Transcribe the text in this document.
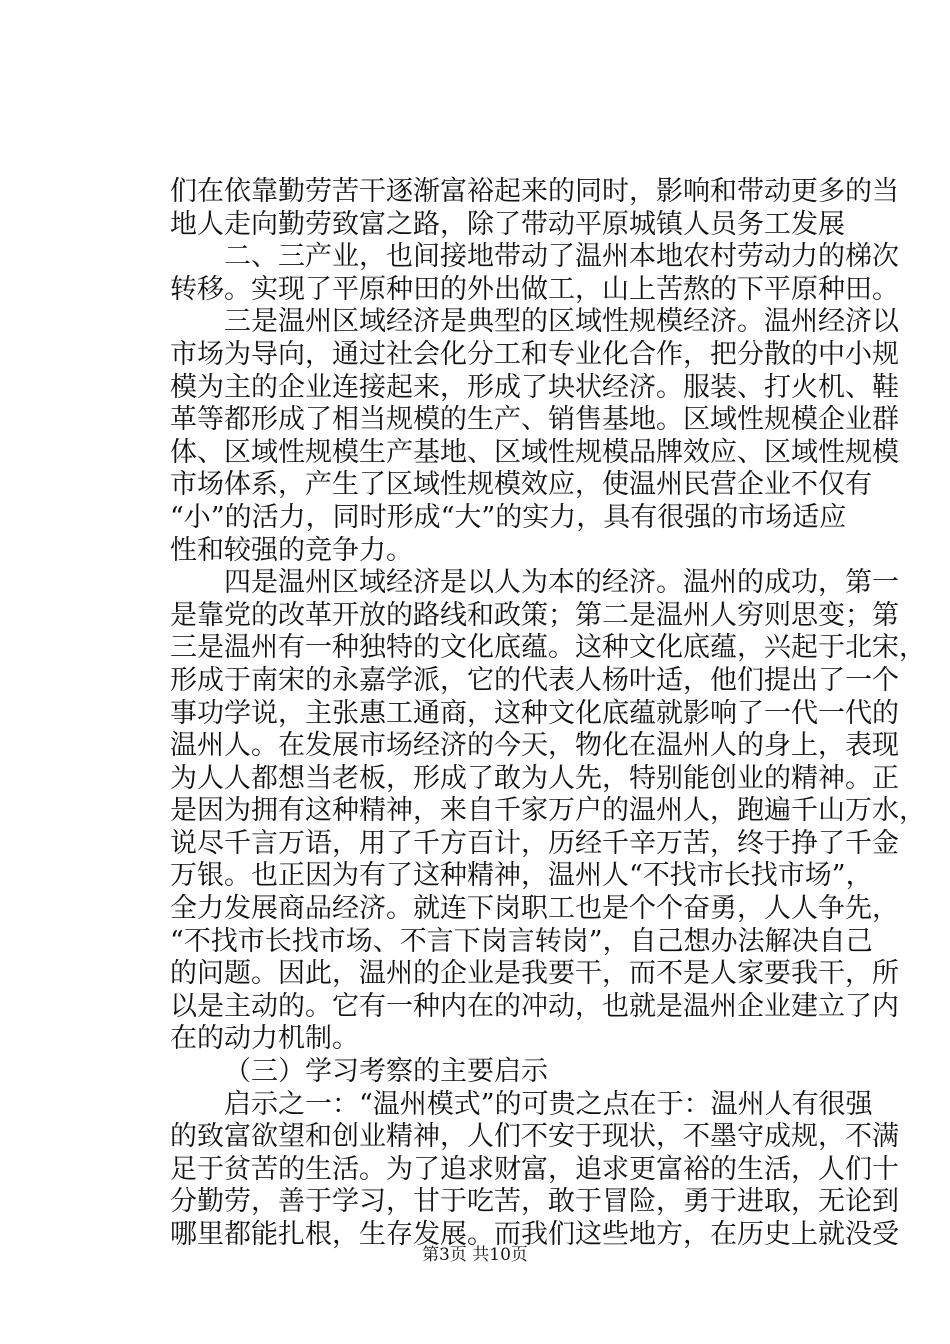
们在依靠勤劳苦干逐渐富裕起来的同时，影响和带动更多的当
地人走向勤劳致富之路，除了带动平原城镇人员务工发展
二、三产业，也间接地带动了温州本地农村劳动力的梯次
转移。实现了平原种田的外出做工，山上苦熬的下平原种田。
三是温州区域经济是典型的区域性规模经济。温州经济以
市场为导向，通过社会化分工和专业化合作，把分散的中小规
模为主的企业连接起来，形成了块状经济。服装、打火机、鞋
革等都形成了相当规模的生产、销售基地。区域性规模企业群
体、区域性规模生产基地、区域性规模品牌效应、区域性规模
市场体系，产生了区域性规模效应，使温州民营企业不仅有
“小”的活力，同时形成“大”的实力，具有很强的市场适应
性和较强的竞争力。
四是温州区域经济是以人为本的经济。温州的成功，第一
是靠党的改革开放的路线和政策；第二是温州人穷则思变；第
三是温州有一种独特的文化底蕴。这种文化底蕴，兴起于北宋，
形成于南宋的永嘉学派，它的代表人杨叶适，他们提出了一个
事功学说，主张惠工通商，这种文化底蕴就影响了一代一代的
温州人。在发展市场经济的今天，物化在温州人的身上，表现
为人人都想当老板，形成了敢为人先，特别能创业的精神。正
是因为拥有这种精神，来自千家万户的温州人，跑遍千山万水，
说尽千言万语，用了千方百计，历经千辛万苦，终于挣了千金
万银。也正因为有了这种精神，温州人“不找市长找市场”，
全力发展商品经济。就连下岗职工也是个个奋勇，人人争先，
“不找市长找市场、不言下岗言转岗”，自己想办法解决自己
的问题。因此，温州的企业是我要干，而不是人家要我干，所
以是主动的。它有一种内在的冲动，也就是温州企业建立了内
在的动力机制。
（三）学习考察的主要启示
启示之一：“温州模式”的可贵之点在于：温州人有很强
的致富欲望和创业精神，人们不安于现状，不墨守成规，不满
足于贫苦的生活。为了追求财富，追求更富裕的生活，人们十
分勤劳，善于学习，甘于吃苦，敢于冒险，勇于进取，无论到
哪里都能扎根，生存发展。而我们这些地方，在历史上就没受
第3页 共10页
